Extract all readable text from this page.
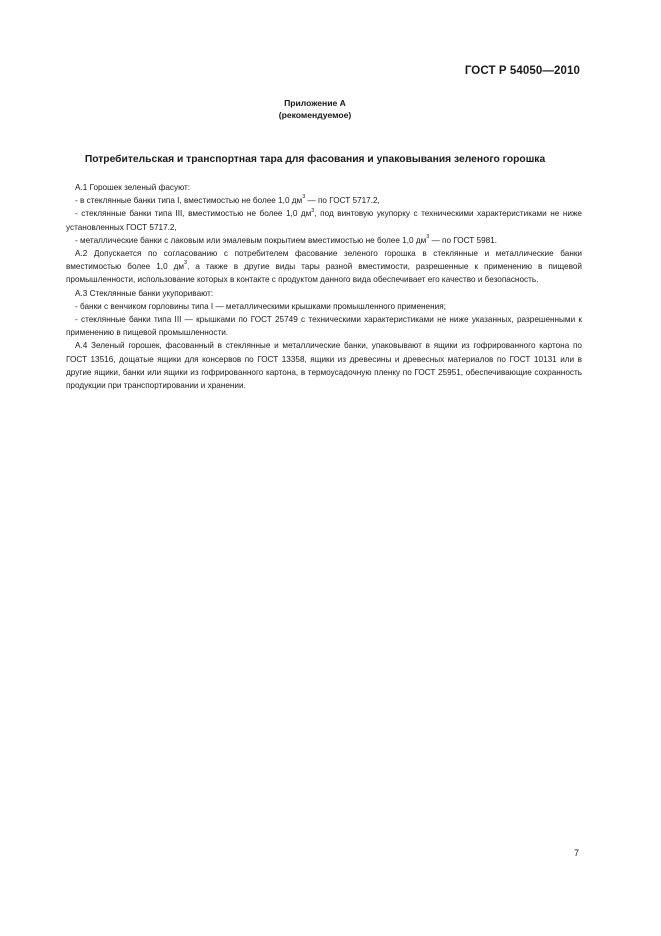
ГОСТ Р 54050—2010
Приложение А
(рекомендуемое)
Потребительская и транспортная тара для фасования и упаковывания зеленого горошка

А.1 Горошек зеленый фасуют:

- в стеклянные банки типа I, вместимостью не более 1,0 $дм^3$ — по ГОСТ 5717.2,

- стеклянные банки типа III, вместимостью не более 1,0 $дм^3$, под винтовую укупорку с техническими характеристиками не ниже установленных ГОСТ 5717.2,

- металлические банки с лаковым или эмалевым покрытием вместимостью не более 1,0 $дм^3$ — по ГОСТ 5981.

А.2 Допускается по согласованию с потребителем фасование зеленого горошка в стеклянные и металлические банки вместимостью более 1,0 $дм^3$, а также в другие виды тары разной вместимости, разрешенные к применению в пищевой промышленности, использование которых в контакте с продуктом данного вида обеспечивает его качество и безопасность.

А.3 Стеклянные банки укупоривают:

- банки с венчиком горловины типа I — металлическими крышками промышленного применения;

- стеклянные банки типа III — крышками по ГОСТ 25749 с техническими характеристиками не ниже указанных, разрешенными к применению в пищевой промышленности.

А.4 Зеленый горошек, фасованный в стеклянные и металлические банки, упаковывают в ящики из гофрированного картона по ГОСТ 13516, дощатые ящики для консервов по ГОСТ 13358, ящики из древесины и древесных материалов по ГОСТ 10131 или в другие ящики, банки или ящики из гофрированного картона, в термоусадочную пленку по ГОСТ 25951, обеспечивающие сохранность продукции при транспортировании и хранении.

7
